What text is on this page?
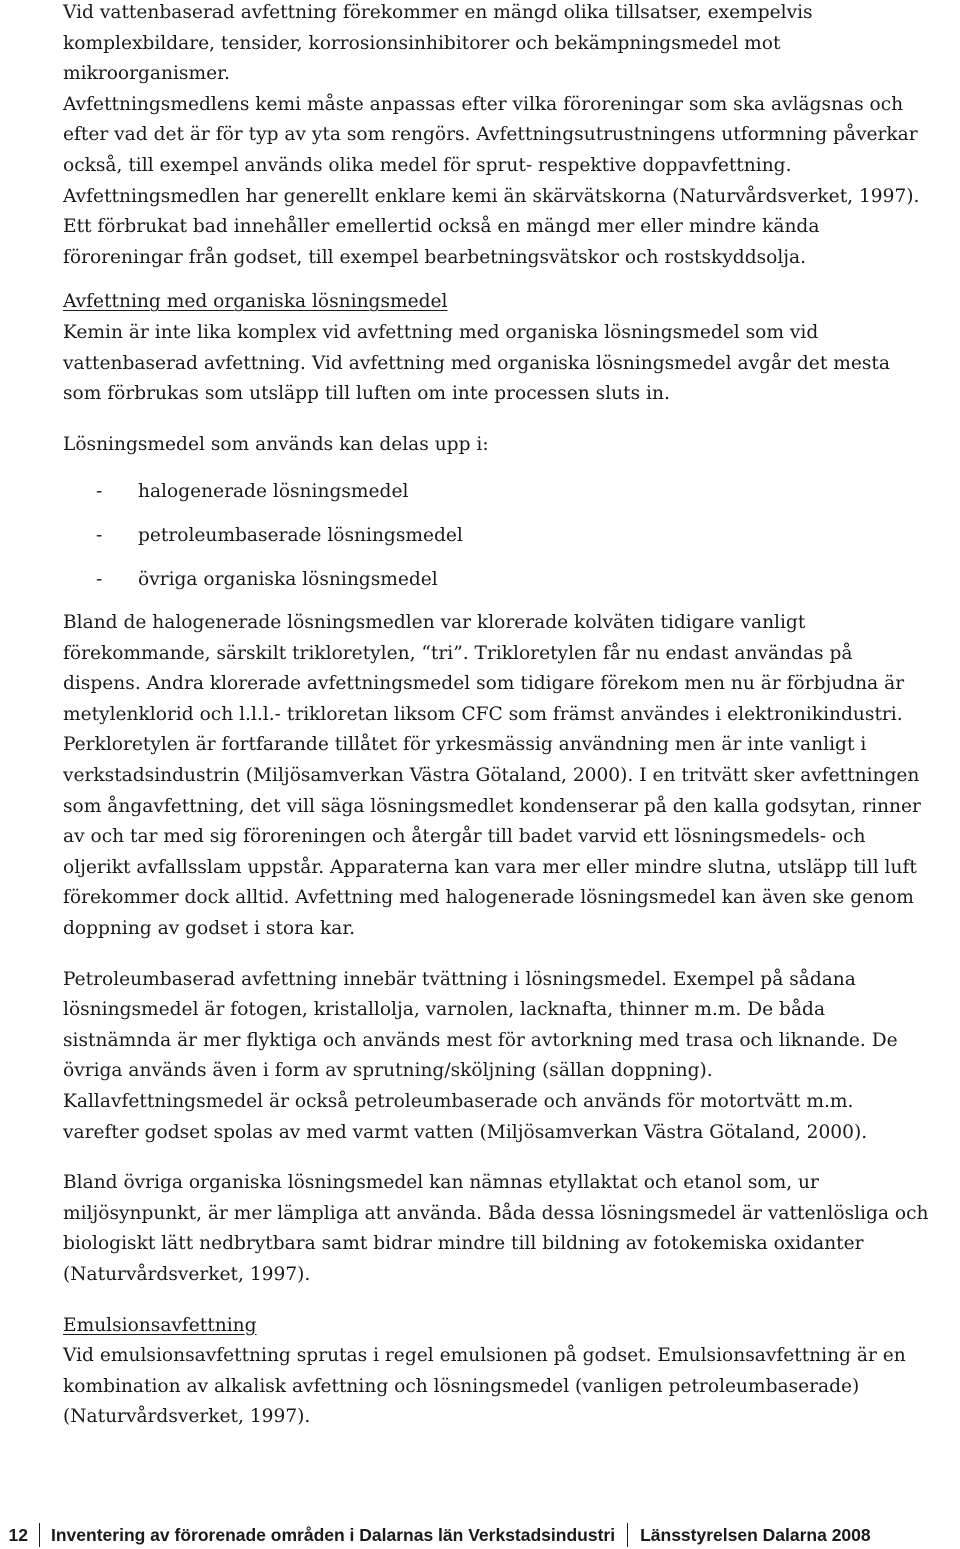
Vid vattenbaserad avfettning förekommer en mängd olika tillsatser, exempelvis
komplexbildare, tensider, korrosionsinhibitorer och bekämpningsmedel mot
mikroorganismer.
Avfettningsmedlens kemi måste anpassas efter vilka föroreningar som ska avlägsnas och
efter vad det är för typ av yta som rengörs. Avfettningsutrustningens utformning påverkar
också, till exempel används olika medel för sprut- respektive doppavfettning.
Avfettningsmedlen har generellt enklare kemi än skärvätskorna (Naturvårdsverket, 1997).
Ett förbrukat bad innehåller emellertid också en mängd mer eller mindre kända
föroreningar från godset, till exempel bearbetningsvätskor och rostskyddsolja.
Avfettning med organiska lösningsmedel
Kemin är inte lika komplex vid avfettning med organiska lösningsmedel som vid
vattenbaserad avfettning. Vid avfettning med organiska lösningsmedel avgår det mesta
som förbrukas som utsläpp till luften om inte processen sluts in.
Lösningsmedel som används kan delas upp i:
-	halogenerade lösningsmedel
-	petroleumbaserade lösningsmedel
-	övriga organiska lösningsmedel
Bland de halogenerade lösningsmedlen var klorerade kolväten tidigare vanligt
förekommande, särskilt trikloretylen, “tri”. Trikloretylen får nu endast användas på
dispens. Andra klorerade avfettningsmedel som tidigare förekom men nu är förbjudna är
metylenklorid och l.l.l.- trikloretan liksom CFC som främst användes i elektronikindustri.
Perkloretylen är fortfarande tillåtet för yrkesmässig användning men är inte vanligt i
verkstadsindustrin (Miljösamverkan Västra Götaland, 2000). I en tritvätt sker avfettningen
som ångavfettning, det vill säga lösningsmedlet kondenserar på den kalla godsytan, rinner
av och tar med sig föroreningen och återgår till badet varvid ett lösningsmedels- och
oljerikt avfallsslam uppstår. Apparaterna kan vara mer eller mindre slutna, utsläpp till luft
förekommer dock alltid. Avfettning med halogenerade lösningsmedel kan även ske genom
doppning av godset i stora kar.
Petroleumbaserad avfettning innebär tvättning i lösningsmedel. Exempel på sådana
lösningsmedel är fotogen, kristallolja, varnolen, lacknafta, thinner m.m. De båda
sistnämnda är mer flyktiga och används mest för avtorkning med trasa och liknande. De
övriga används även i form av sprutning/sköljning (sällan doppning).
Kallavfettningsmedel är också petroleumbaserade och används för motortvätt m.m.
varefter godset spolas av med varmt vatten (Miljösamverkan Västra Götaland, 2000).
Bland övriga organiska lösningsmedel kan nämnas etyllaktat och etanol som, ur
miljösynpunkt, är mer lämpliga att använda. Båda dessa lösningsmedel är vattenlösliga och
biologiskt lätt nedbrytbara samt bidrar mindre till bildning av fotokemiska oxidanter
(Naturvårdsverket, 1997).
Emulsionsavfettning
Vid emulsionsavfettning sprutas i regel emulsionen på godset. Emulsionsavfettning är en
kombination av alkalisk avfettning och lösningsmedel (vanligen petroleumbaserade)
(Naturvårdsverket, 1997).
12 Inventering av förorenade områden i Dalarnas län Verkstadsindustri Länsstyrelsen Dalarna 2008
